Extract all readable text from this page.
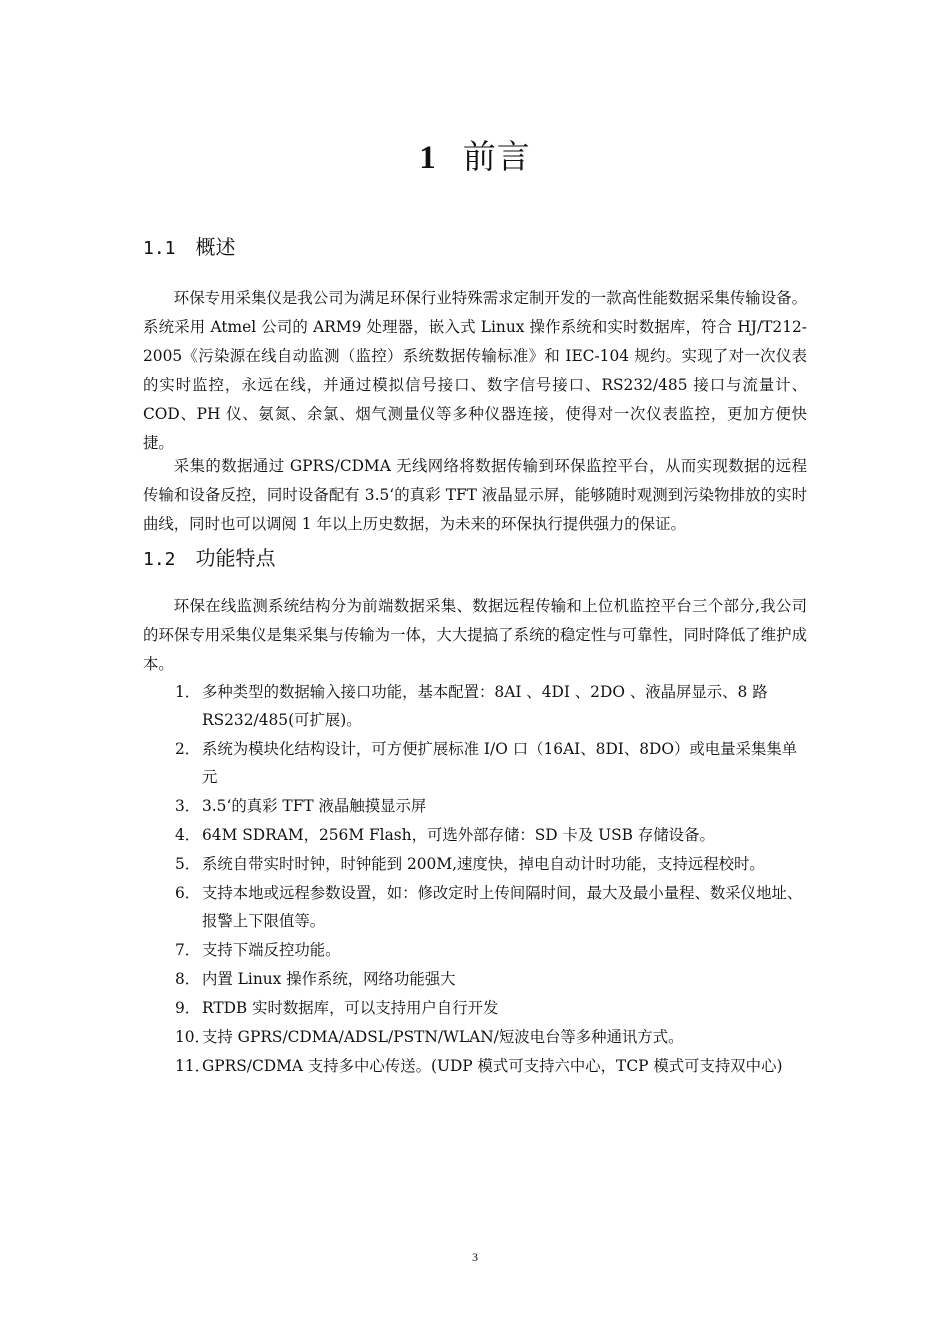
1 前言
1.1 概述

环保专用采集仪是我公司为满足环保行业特殊需求定制开发的一款高性能数据采集传输设备。系统采用 Atmel 公司的 ARM9 处理器，嵌入式 Linux 操作系统和实时数据库，符合 HJ/T212-2005《污染源在线自动监测（监控）系统数据传输标准》和 IEC-104 规约。实现了对一次仪表的实时监控，永远在线，并通过模拟信号接口、数字信号接口、RS232/485 接口与流量计、COD、PH 仪、氨氮、余氯、烟气测量仪等多种仪器连接，使得对一次仪表监控，更加方便快捷。

采集的数据通过 GPRS/CDMA 无线网络将数据传输到环保监控平台，从而实现数据的远程传输和设备反控，同时设备配有 3.5‘的真彩 TFT 液晶显示屏，能够随时观测到污染物排放的实时曲线，同时也可以调阅 1 年以上历史数据，为未来的环保执行提供强力的保证。

1.2 功能特点

环保在线监测系统结构分为前端数据采集、数据远程传输和上位机监控平台三个部分,我公司的环保专用采集仪是集采集与传输为一体，大大提搞了系统的稳定性与可靠性，同时降低了维护成本。

1． 多种类型的数据输入接口功能，基本配置：8AI 、4DI 、2DO 、液晶屏显示、8 路 RS232/485(可扩展)。
2． 系统为模块化结构设计，可方便扩展标准 I/O 口（16AI、8DI、8DO）或电量采集集单元
3． 3.5‘的真彩 TFT 液晶触摸显示屏
4． 64M SDRAM，256M Flash，可选外部存储：SD 卡及 USB 存储设备。
5． 系统自带实时时钟，时钟能到 200M,速度快，掉电自动计时功能，支持远程校时。
6． 支持本地或远程参数设置，如：修改定时上传间隔时间，最大及最小量程、数采仪地址、报警上下限值等。
7． 支持下端反控功能。
8． 内置 Linux 操作系统，网络功能强大
9． RTDB 实时数据库，可以支持用户自行开发
10．
支持 GPRS/CDMA/ADSL/PSTN/WLAN/短波电台等多种通讯方式。
11．
GPRS/CDMA 支持多中心传送。(UDP 模式可支持六中心，TCP 模式可支持双中心)
3
